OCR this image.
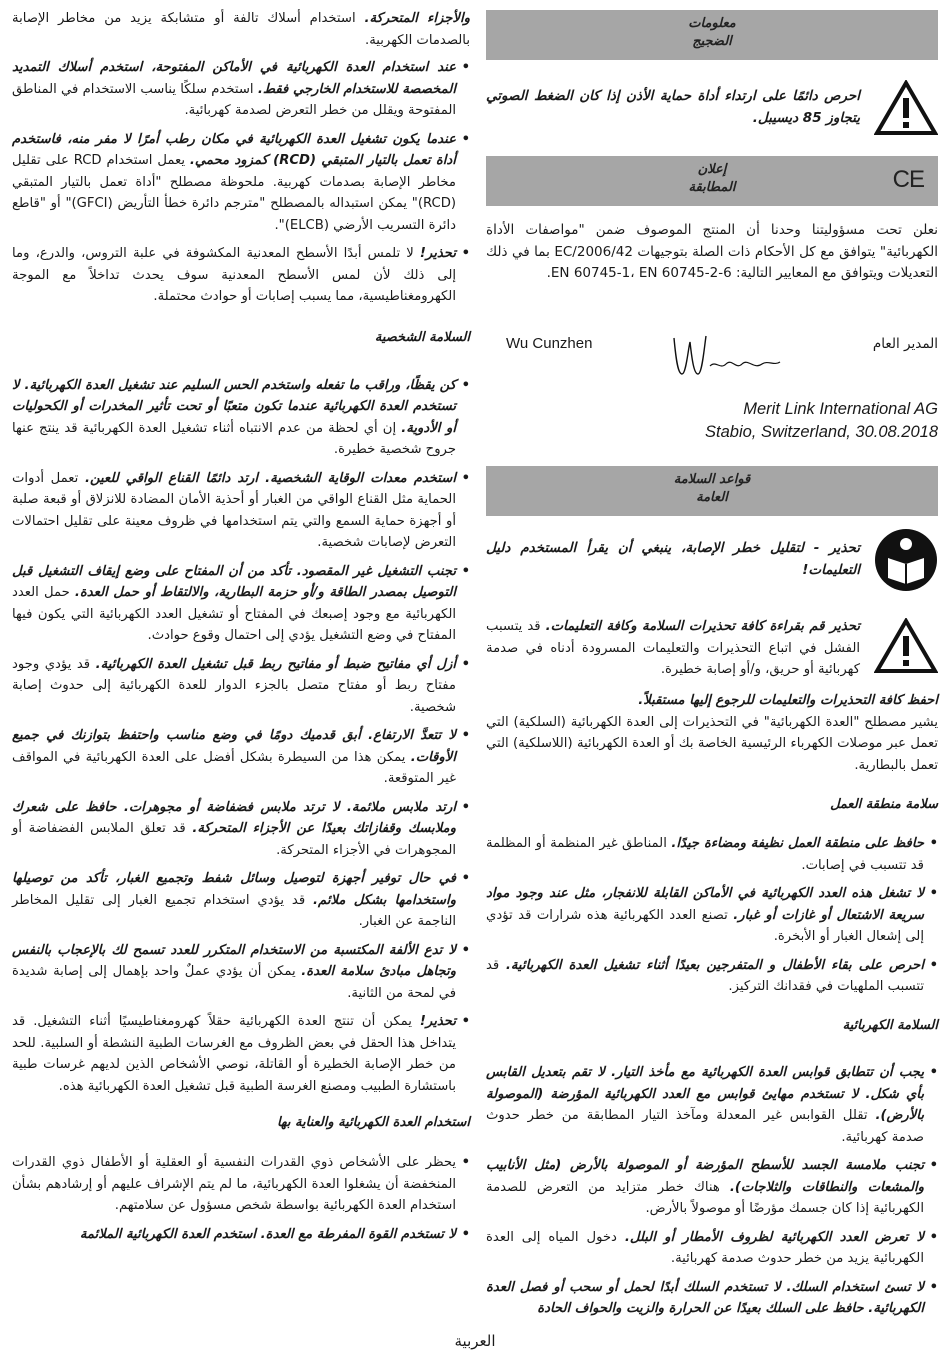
معلومات
الضجيج

احرص دائمًا على ارتداء أداة حماية الأذن إذا كان الضغط الصوتي يتجاوز 85 ديسيبل.

إعلان
المطابقة	CE

نعلن تحت مسؤوليتنا وحدنا أن المنتج الموصوف ضمن "مواصفات الأداة الكهربائية" يتوافق مع كل الأحكام ذات الصلة بتوجيهات 2006/42/EC بما في ذلك التعديلات ويتوافق مع المعايير التالية: EN 60745-1، EN 60745-2-6.

المدير العام
Wu Cunzhen
Merit Link International AG
Stabio, Switzerland, 30.08.2018
قواعد السلامة
العامة

تحذير - لتقليل خطر الإصابة، ينبغي أن يقرأ المستخدم دليل التعليمات!

تحذير قم بقراءة كافة تحذيرات السلامة وكافة التعليمات. قد يتسبب الفشل في اتباع التحذيرات والتعليمات المسرودة أدناه في صدمة كهربائية أو حريق، و/أو إصابة خطيرة.

احفظ كافة التحذيرات والتعليمات للرجوع إليها مستقبلاً.
يشير مصطلح "العدة الكهربائية" في التحذيرات إلى العدة الكهربائية (السلكية) التي تعمل عبر موصلات الكهرباء الرئيسية الخاصة بك أو العدة الكهربائية (اللاسلكية) التي تعمل بالبطارية.

سلامة منطقة العمل

• حافظ على منطقة العمل نظيفة ومضاءة جيدًا. المناطق غير المنظمة أو المظلمة قد تتسبب في إصابات.

• لا تشغل هذه العدد الكهربائية في الأماكن القابلة للانفجار، مثل عند وجود مواد سريعة الاشتعال أو غازات أو غبار. تصنع العدد الكهربائية هذه شرارات قد تؤدي إلى إشعال الغبار أو الأبخرة.

• احرص على بقاء الأطفال و المتفرجين بعيدًا أثناء تشغيل العدة الكهربائية. قد تتسبب الملهيات في فقدانك التركيز.

السلامة الكهربائية

• يجب أن تتطابق قوابس العدة الكهربائية مع مأخذ التيار. لا تقم بتعديل القابس بأي شكل. لا تستخدم مهايئ قوابس مع العدد الكهربائية المؤرضة (الموصولة بالأرض). تقلل القوابس غير المعدلة ومآخذ التيار المطابقة من خطر حدوث صدمة كهربائية.

• تجنب ملامسة الجسد للأسطح المؤرضة أو الموصولة بالأرض (مثل الأنابيب والمشعات والنطاقات والثلاجات). هناك خطر متزايد من التعرض للصدمة الكهربائية إذا كان جسمك مؤرضًا أو موصولاً بالأرض.

• لا تعرض العدد الكهربائية لظروف الأمطار أو البلل. دخول المياه إلى العدة الكهربائية يزيد من خطر حدوث صدمة كهربائية.

• لا تسئ استخدام السلك. لا تستخدم السلك أبدًا لحمل أو سحب أو فصل العدة الكهربائية. حافظ على السلك بعيدًا عن الحرارة والزيت والحواف الحادة

والأجزاء المتحركة. استخدام أسلاك تالفة أو متشابكة يزيد من مخاطر الإصابة بالصدمات الكهربية.

• عند استخدام العدة الكهربائية في الأماكن المفتوحة، استخدم أسلاك التمديد المخصصة للاستخدام الخارجي فقط. استخدم سلكًا يناسب الاستخدام في المناطق المفتوحة ويقلل من خطر التعرض لصدمة كهربائية.

• عندما يكون تشغيل العدة الكهربائية في مكان رطب أمرًا لا مفر منه، فاستخدم أداة تعمل بالتيار المتبقي (RCD) كمزود محمي. يعمل استخدام RCD على تقليل مخاطر الإصابة بصدمات كهربية. ملحوظة مصطلح "أداة تعمل بالتيار المتبقي (RCD)" يمكن استبداله بالمصطلح "مترجم دائرة خطأ التأريض (GFCI)" أو "قاطع دائرة التسريب الأرضي (ELCB)".

• تحذير! لا تلمس أبدًا الأسطح المعدنية المكشوفة في علبة التروس، والدرع، وما إلى ذلك لأن لمس الأسطح المعدنية سوف يحدث تداخلاً مع الموجة الكهرومغناطيسية، مما يسبب إصابات أو حوادث محتملة.

السلامة الشخصية

• كن يقظًا، وراقب ما تفعله واستخدم الحس السليم عند تشغيل العدة الكهربائية. لا تستخدم العدة الكهربائية عندما تكون متعبًا أو تحت تأثير المخدرات أو الكحوليات أو الأدوية. إن أي لحظة من عدم الانتباه أثناء تشغيل العدة الكهربائية قد ينتج عنها جروح شخصية خطيرة.

• استخدم معدات الوقاية الشخصية. ارتد دائمًا القناع الواقي للعين. تعمل أدوات الحماية مثل القناع الواقي من الغبار أو أحذية الأمان المضادة للانزلاق أو قبعة صلبة أو أجهزة حماية السمع والتي يتم استخدامها في ظروف معينة على تقليل احتمالات التعرض لإصابات شخصية.

• تجنب التشغيل غير المقصود. تأكد من أن المفتاح على وضع إيقاف التشغيل قبل التوصيل بمصدر الطاقة و/أو حزمة البطارية، والالتقاط أو حمل العدة. حمل العدد الكهربائية مع وجود إصبعك في المفتاح أو تشغيل العدد الكهربائية التي يكون فيها المفتاح في وضع التشغيل يؤدي إلى احتمال وقوع حوادث.

• أزل أي مفاتيح ضبط أو مفاتيح ربط قبل تشغيل العدة الكهربائية. قد يؤدي وجود مفتاح ربط أو مفتاح متصل بالجزء الدوار للعدة الكهربائية إلى حدوث إصابة شخصية.

• لا تتعدَّ الارتفاع. أبق قدميك دومًا في وضع مناسب واحتفظ بتوازنك في جميع الأوقات. يمكن هذا من السيطرة بشكل أفضل على العدة الكهربائية في المواقف غير المتوقعة.

• ارتد ملابس ملائمة. لا ترتد ملابس فضفاضة أو مجوهرات. حافظ على شعرك وملابسك وقفازاتك بعيدًا عن الأجزاء المتحركة. قد تعلق الملابس الفضفاضة أو المجوهرات في الأجزاء المتحركة.

• في حال توفير أجهزة لتوصيل وسائل شفط وتجميع الغبار، تأكد من توصيلها واستخدامها بشكل ملائم. قد يؤدي استخدام تجميع الغبار إلى تقليل المخاطر الناجمة عن الغبار.

• لا تدع الألفة المكتسبة من الاستخدام المتكرر للعدد تسمح لك بالإعجاب بالنفس وتجاهل مبادئ سلامة العدة. يمكن أن يؤدي عملٌ واحد بإهمال إلى إصابة شديدة في لمحة من الثانية.

• تحذير! يمكن أن تنتج العدة الكهربائية حقلاً كهرومغناطيسيًا أثناء التشغيل. قد يتداخل هذا الحقل في بعض الظروف مع الغرسات الطبية النشطة أو السلبية. للحد من خطر الإصابة الخطيرة أو القاتلة، نوصي الأشخاص الذين لديهم غرسات طبية باستشارة الطبيب ومصنع الغرسة الطبية قبل تشغيل العدة الكهربائية هذه.

استخدام العدة الكهربائية والعناية بها

• يحظر على الأشخاص ذوي القدرات النفسية أو العقلية أو الأطفال ذوي القدرات المنخفضة أن يشغلوا العدة الكهربائية، ما لم يتم الإشراف عليهم أو إرشادهم بشأن استخدام العدة الكهربائية بواسطة شخص مسؤول عن سلامتهم.

• لا تستخدم القوة المفرطة مع العدة. استخدم العدة الكهربائية الملائمة

العربية
